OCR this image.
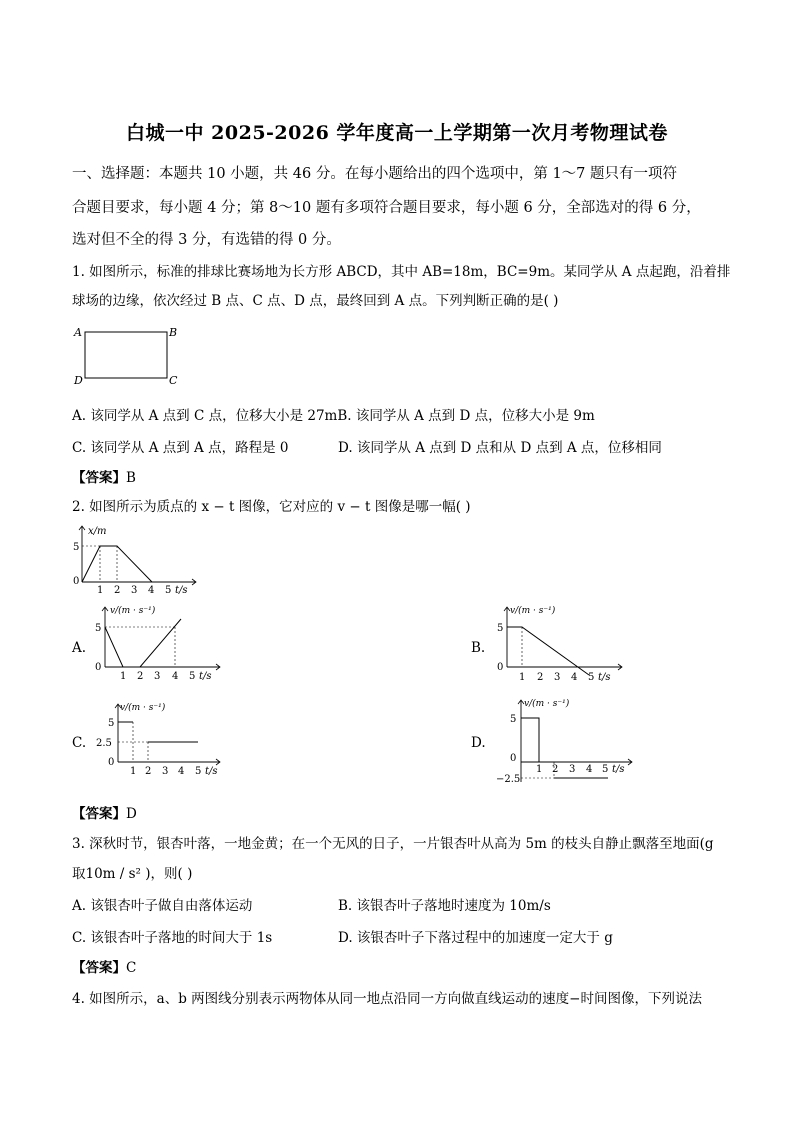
白城一中 2025-2026 学年度高一上学期第一次月考物理试卷
一、选择题：本题共 10 小题，共 46 分。在每小题给出的四个选项中，第 1～7 题只有一项符
合题目要求，每小题 4 分；第 8～10 题有多项符合题目要求，每小题 6 分，全部选对的得 6 分，
选对但不全的得 3 分，有选错的得 0 分。
1. 如图所示，标准的排球比赛场地为长方形 ABCD，其中 AB=18m，BC=9m。某同学从 A 点起跑，沿着排
球场的边缘，依次经过 B 点、C 点、D 点，最终回到 A 点。下列判断正确的是( )
A	B
C
D
A. 该同学从 A 点到 C 点，位移大小是 27mB. 该同学从 A 点到 D 点，位移大小是 9m
C. 该同学从 A 点到 A 点，路程是 0	D. 该同学从 A 点到 D 点和从 D 点到 A 点，位移相同
【答案】B
2. 如图所示为质点的 x − t 图像，它对应的 v − t 图像是哪一幅( )
x/m
5
0
1 2 3 4 5 t/s
A.
v/(m · s⁻¹)
5
0
1 2 3 4 5 t/s
B.
v/(m · s⁻¹)
5
0
1 2 3 4 5 t/s
C.
v/(m · s⁻¹)
5
2.5
0
1 2 3 4 5 t/s
D.
v/(m · s⁻¹)
5
0
−2.5
1 2 3 4 5 t/s
【答案】D
3. 深秋时节，银杏叶落，一地金黄；在一个无风的日子，一片银杏叶从高为 5m 的枝头自静止飘落至地面(g
取10m / s² )，则( )
A. 该银杏叶子做自由落体运动	B. 该银杏叶子落地时速度为 10m/s
C. 该银杏叶子落地的时间大于 1s	D. 该银杏叶子下落过程中的加速度一定大于 g
【答案】C
4. 如图所示，a、b 两图线分别表示两物体从同一地点沿同一方向做直线运动的速度−时间图像，下列说法
